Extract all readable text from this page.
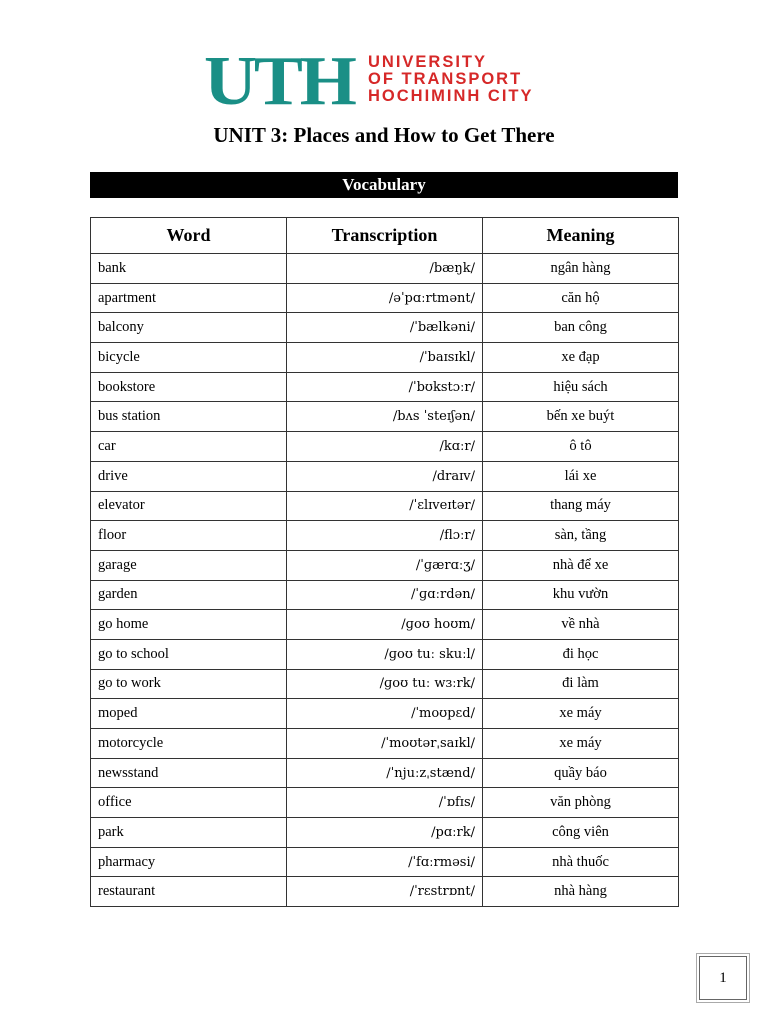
UTH UNIVERSITY
OF TRANSPORT
HOCHIMINH CITY
UNIT 3: Places and How to Get There
Vocabulary
Word	Transcription	Meaning
bank	/bæŋk/	ngân hàng
apartment	/əˈpɑːrtmənt/	căn hộ
balcony	/ˈbælkəni/	ban công
bicycle	/ˈbaɪsɪkl/	xe đạp
bookstore	/ˈbʊkstɔːr/	hiệu sách
bus station	/bʌs ˈsteɪʃən/	bến xe buýt
car	/kɑːr/	ô tô
drive	/draɪv/	lái xe
elevator	/ˈɛlɪveɪtər/	thang máy
floor	/flɔːr/	sàn, tầng
garage	/ˈɡærɑːʒ/	nhà để xe
garden	/ˈɡɑːrdən/	khu vườn
go home	/ɡoʊ hoʊm/	về nhà
go to school	/ɡoʊ tuː skuːl/	đi học
go to work	/ɡoʊ tuː wɜːrk/	đi làm
moped	/ˈmoʊpɛd/	xe máy
motorcycle	/ˈmoʊtərˌsaɪkl/	xe máy
newsstand	/ˈnjuːzˌstænd/	quầy báo
office	/ˈɒfɪs/	văn phòng
park	/pɑːrk/	công viên
pharmacy	/ˈfɑːrməsi/	nhà thuốc
restaurant	/ˈrɛstrɒnt/	nhà hàng
1
